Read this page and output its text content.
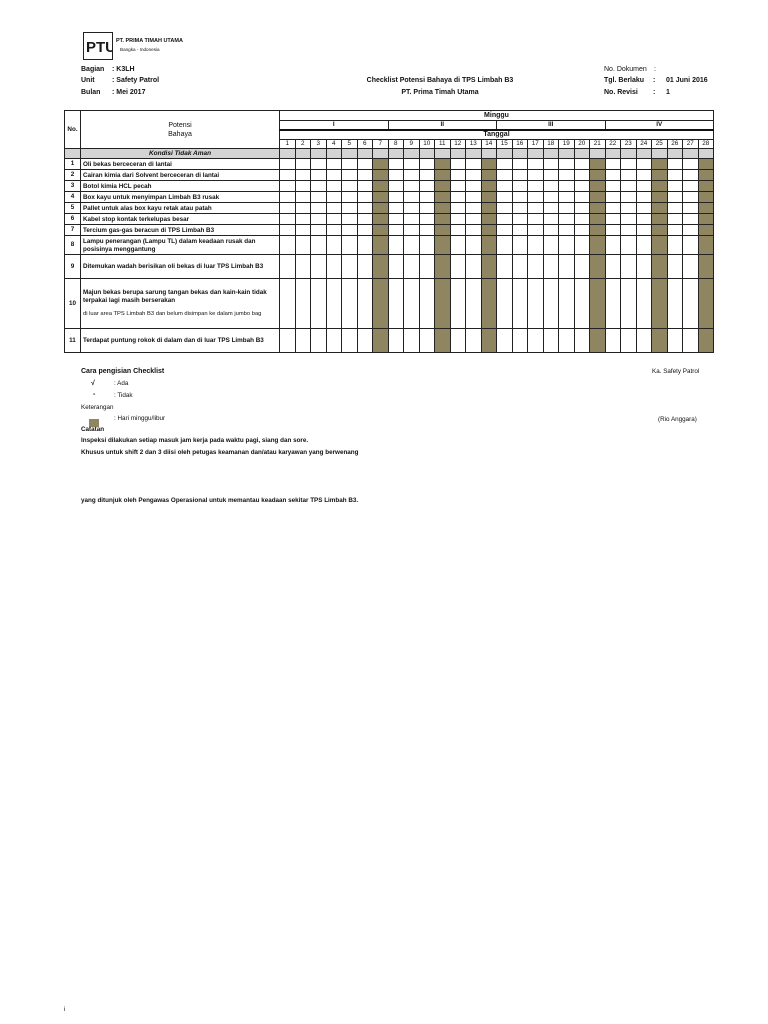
PTU PT. PRIMA TIMAH UTAMA
Bangka - Indonesia
Bagian : K3LH
Unit : Safety Patrol
Bulan : Mei 2017
Checklist Potensi Bahaya di TPS Limbah B3
PT. Prima Timah Utama
No. Dokumen :
Tgl. Berlaku : 01 Juni 2016
No. Revisi : 1
No.	Potensi
Bahaya	Minggu																											
		I							II							III							IV						
		Tanggal																											
		1	2	3	4	5	6	7	8	9	10	11	12	13	14	15	16	17	18	19	20	21	22	23	24	25	26	27	28
	Kondisi Tidak Aman																												
1	Oli bekas berceceran di lantai																												

2	Cairan kimia dari Solvent berceceran di lantai																												

3	Botol kimia HCL pecah																												

4	Box kayu untuk menyimpan Limbah B3 rusak																												

5	Pallet untuk alas box kayu retak atau patah																												

6	Kabel stop kontak terkelupas besar																												

7	Tercium gas-gas beracun di TPS Limbah B3																												

8	Lampu penerangan (Lampu TL) dalam keadaan rusak dan posisinya menggantung																												

9	Ditemukan wadah berisikan oli bekas di luar TPS Limbah B3																												

10	Majun bekas berupa sarung tangan bekas dan kain-kain tidak terpakai lagi masih berserakan
di luar area TPS Limbah B3 dan belum disimpan ke dalam jumbo bag																												

11	Terdapat puntung rokok di dalam dan di luar TPS Limbah B3																												

Cara pengisian Checklist
√	: Ada
-	: Tidak
Keterangan
: Hari minggu/libur
Ka. Safety Patrol
(Rio Anggara)
Catatan
Inspeksi dilakukan setiap masuk jam kerja pada waktu pagi, siang dan sore.
Khusus untuk shift 2 dan 3 diisi oleh petugas keamanan dan/atau karyawan yang berwenang
yang ditunjuk oleh Pengawas Operasional untuk memantau keadaan sekitar TPS Limbah B3.
i
